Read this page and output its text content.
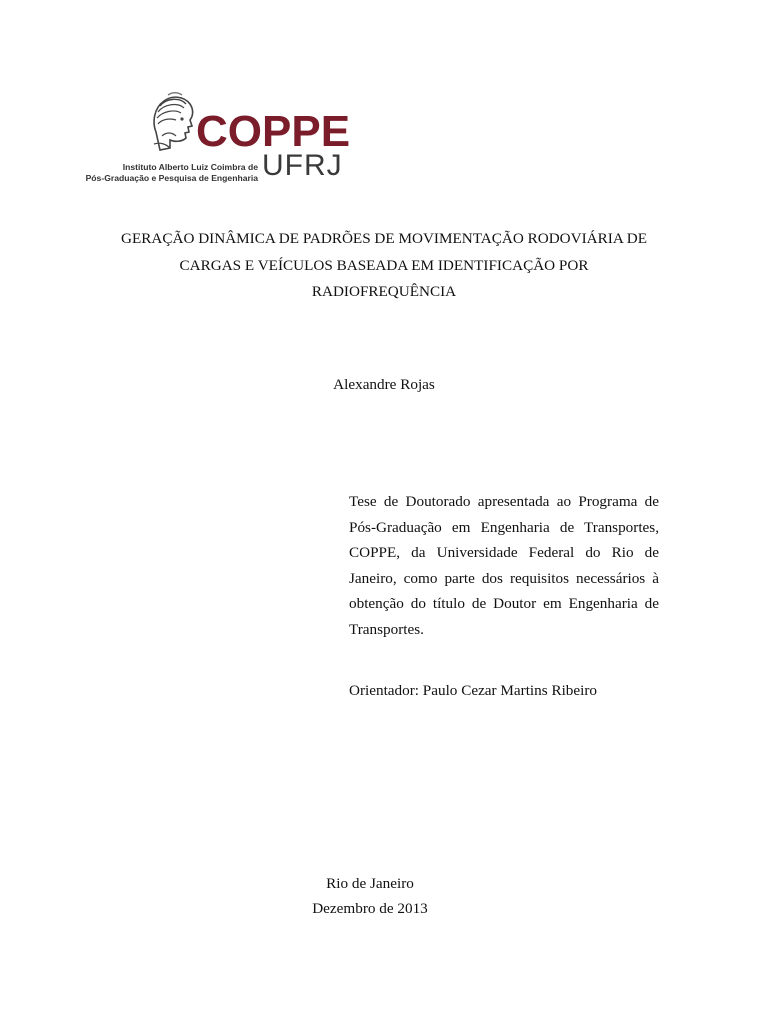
COPPE
Instituto Alberto Luiz Coimbra de
Pós-Graduação e Pesquisa de Engenharia UFRJ
GERAÇÃO DINÂMICA DE PADRÕES DE MOVIMENTAÇÃO RODOVIÁRIA DE
CARGAS E VEÍCULOS BASEADA EM IDENTIFICAÇÃO POR
RADIOFREQUÊNCIA
Alexandre Rojas
Tese de Doutorado apresentada ao Programa de Pós-Graduação em Engenharia de Transportes, COPPE, da Universidade Federal do Rio de Janeiro, como parte dos requisitos necessários à obtenção do título de Doutor em Engenharia de Transportes.
Orientador: Paulo Cezar Martins Ribeiro
Rio de Janeiro
Dezembro de 2013
